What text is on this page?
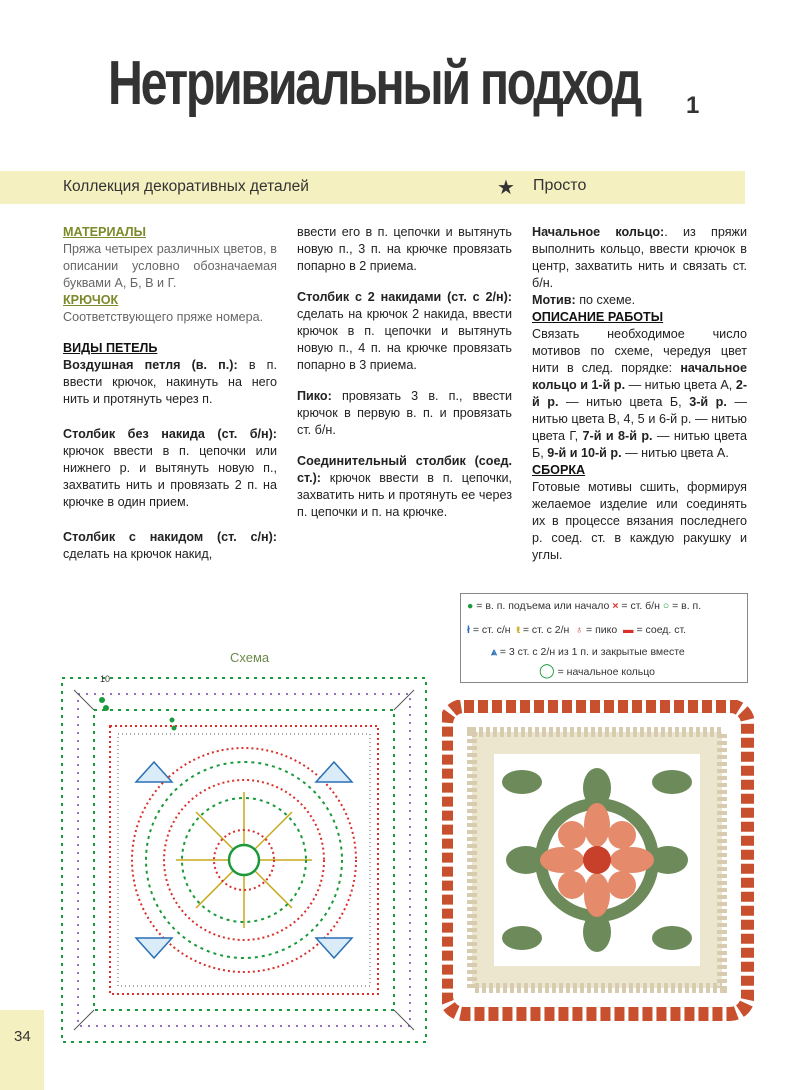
Нетривиальный подход 1
Коллекция декоративных деталей	★ Просто

МАТЕРИАЛЫ

Пряжа четырех различных цветов, в описании условно обозначаемая буквами А, Б, В и Г.

КРЮЧОК

Соответствующего пряже номера.

ВИДЫ ПЕТЕЛЬ

Воздушная петля (в. п.): в п. ввести крючок, накинуть на него нить и протянуть через п.

Столбик без накида (ст. б/н): крючок ввести в п. цепочки или нижнего р. и вытянуть новую п., захватить нить и провязать 2 п. на крючке в один прием.

Столбик с накидом (ст. с/н): сделать на крючок накид,

ввести его в п. цепочки и вытянуть новую п., 3 п. на крючке провязать попарно в 2 приема.

Столбик с 2 накидами (ст. с 2/н): сделать на крючок 2 накида, ввести крючок в п. цепочки и вытянуть новую п., 4 п. на крючке провязать попарно в 3 приема.

Пико: провязать 3 в. п., ввести крючок в первую в. п. и провязать ст. б/н.

Соединительный столбик (соед. ст.): крючок ввести в п. цепочки, захватить нить и протянуть ее через п. цепочки и п. на крючке.

Начальное кольцо:. из пряжи выполнить кольцо, ввести крючок в центр, захватить нить и связать ст. б/н.

Мотив: по схеме.

ОПИСАНИЕ РАБОТЫ

Связать необходимое число мотивов по схеме, чередуя цвет нити в след. порядке: начальное кольцо и 1-й р. — нитью цвета А, 2-й р. — нитью цвета Б, 3-й р. — нитью цвета В, 4, 5 и 6-й р. — нитью цвета Г, 7-й и 8-й р. — нитью цвета Б, 9-й и 10-й р. — нитью цвета А.

СБОРКА

Готовые мотивы сшить, формируя желаемое изделие или соединять их в процессе вязания последнего р. соед. ст. в каждую ракушку и углы.

● = в. п. подъема или начало × = ст. б/н ○ = в. п.
ł = ст. с/н ŧ = ст. с 2/н ♁ = пико ▬ = соед. ст.
⩓ = 3 ст. с 2/н из 1 п. и закрытые вместе
◯ = начальное кольцо
Схема
10
34
